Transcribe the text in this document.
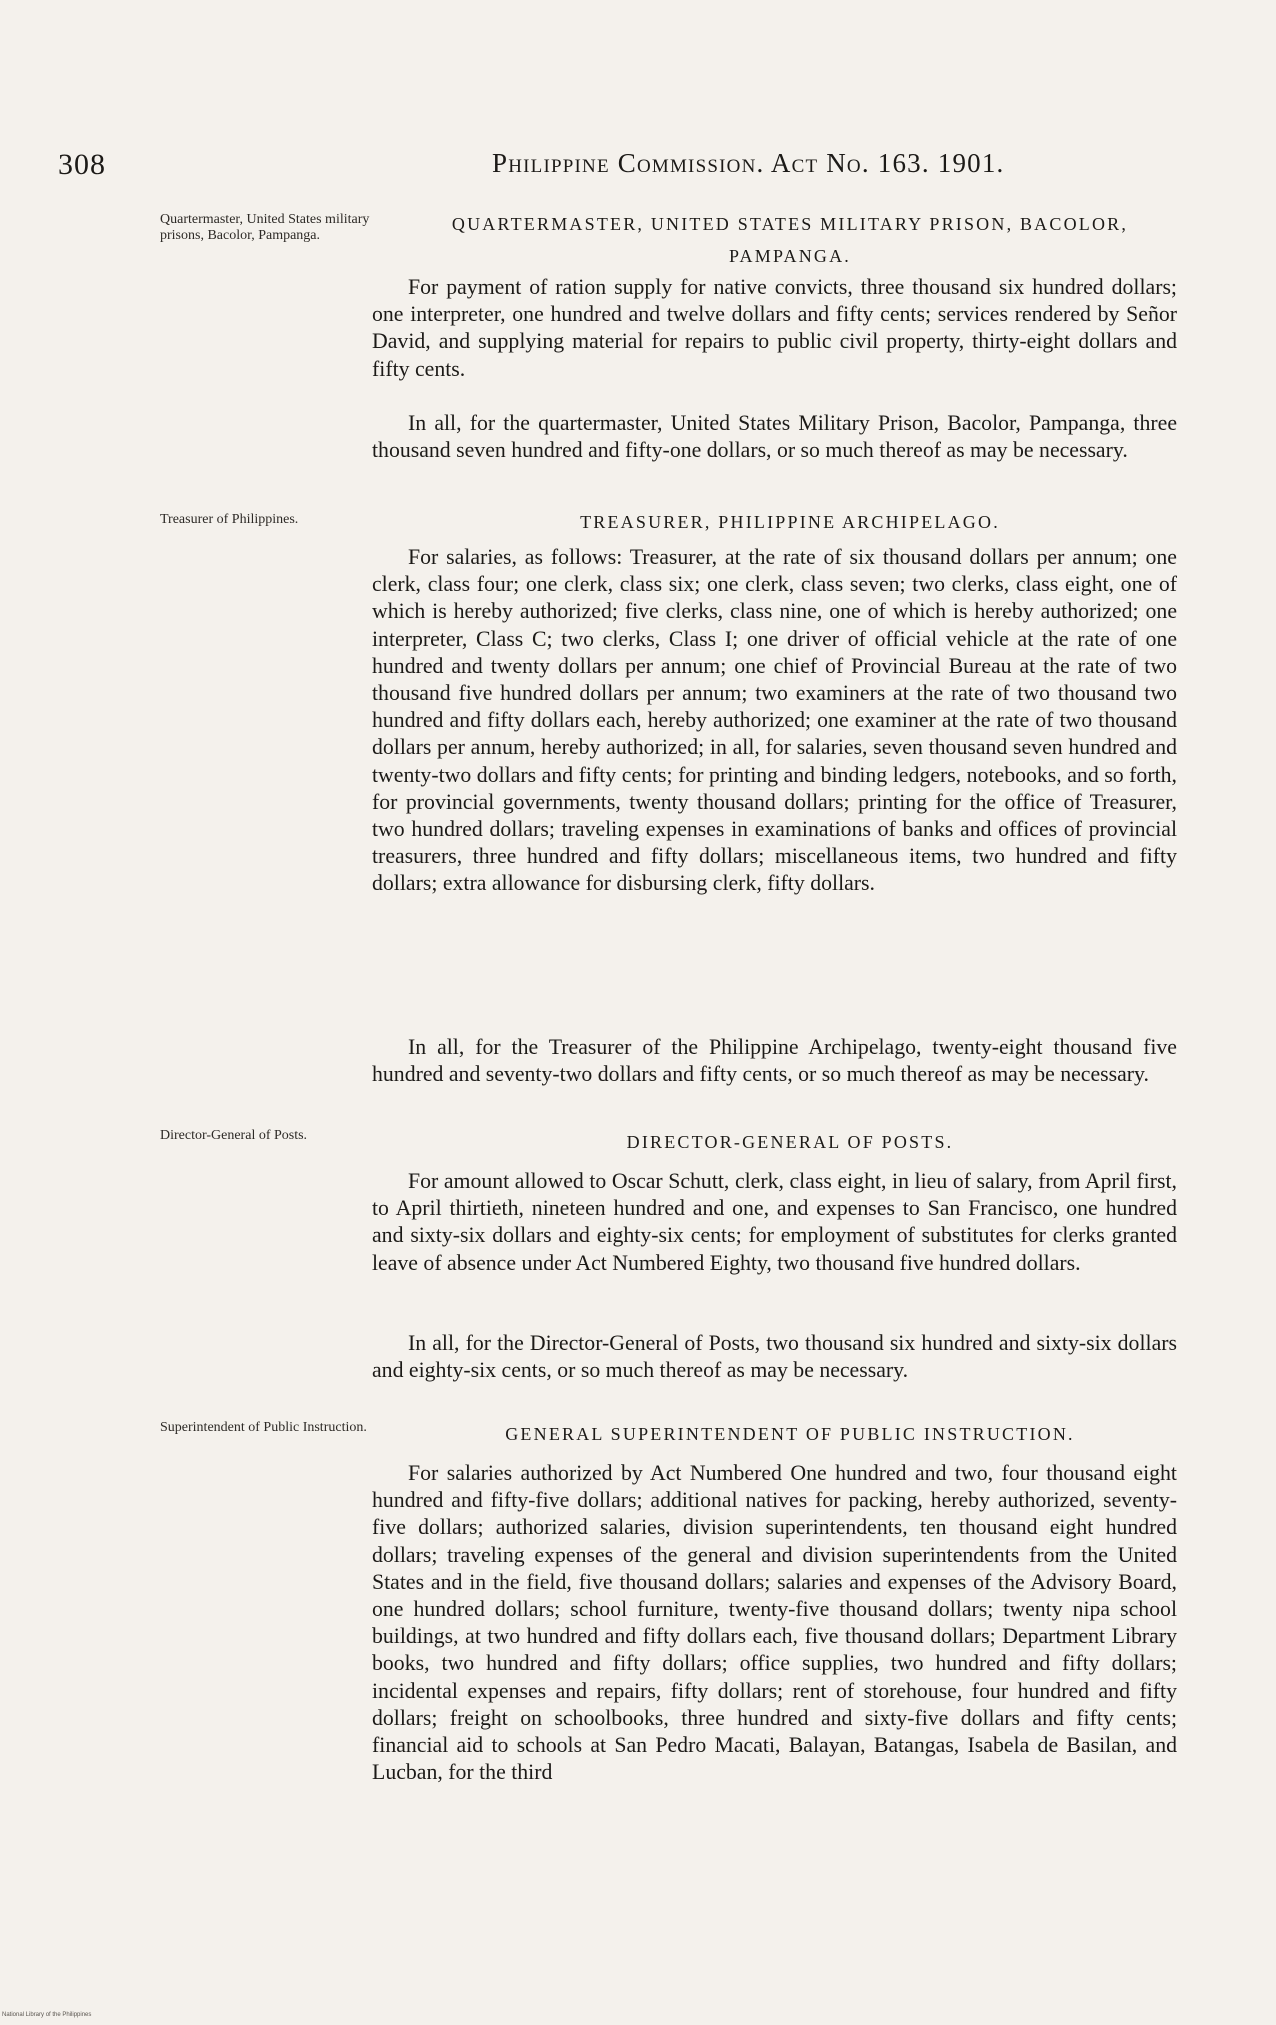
308	Philippine Commission. Act No. 163. 1901.
Quartermaster, United States military prisons, Bacolor, Pampanga.
QUARTERMASTER, UNITED STATES MILITARY PRISON, BACOLOR, PAMPANGA.

For payment of ration supply for native convicts, three thousand six hundred dollars; one interpreter, one hundred and twelve dollars and fifty cents; services rendered by Señor David, and supplying material for repairs to public civil property, thirty-eight dollars and fifty cents.

In all, for the quartermaster, United States Military Prison, Bacolor, Pampanga, three thousand seven hundred and fifty-one dollars, or so much thereof as may be necessary.

Treasurer of Philippines.	TREASURER, PHILIPPINE ARCHIPELAGO.

For salaries, as follows: Treasurer, at the rate of six thousand dollars per annum; one clerk, class four; one clerk, class six; one clerk, class seven; two clerks, class eight, one of which is hereby authorized; five clerks, class nine, one of which is hereby authorized; one interpreter, Class C; two clerks, Class I; one driver of official vehicle at the rate of one hundred and twenty dollars per annum; one chief of Provincial Bureau at the rate of two thousand five hundred dollars per annum; two examiners at the rate of two thousand two hundred and fifty dollars each, hereby authorized; one examiner at the rate of two thousand dollars per annum, hereby authorized; in all, for salaries, seven thousand seven hundred and twenty-two dollars and fifty cents; for printing and binding ledgers, notebooks, and so forth, for provincial governments, twenty thousand dollars; printing for the office of Treasurer, two hundred dollars; traveling expenses in examinations of banks and offices of provincial treasurers, three hundred and fifty dollars; miscellaneous items, two hundred and fifty dollars; extra allowance for disbursing clerk, fifty dollars.

In all, for the Treasurer of the Philippine Archipelago, twenty-eight thousand five hundred and seventy-two dollars and fifty cents, or so much thereof as may be necessary.

Director-General of Posts.	DIRECTOR-GENERAL OF POSTS.

For amount allowed to Oscar Schutt, clerk, class eight, in lieu of salary, from April first, to April thirtieth, nineteen hundred and one, and expenses to San Francisco, one hundred and sixty-six dollars and eighty-six cents; for employment of substitutes for clerks granted leave of absence under Act Numbered Eighty, two thousand five hundred dollars.

In all, for the Director-General of Posts, two thousand six hundred and sixty-six dollars and eighty-six cents, or so much thereof as may be necessary.

Superintendent of Public Instruction.	GENERAL SUPERINTENDENT OF PUBLIC INSTRUCTION.

For salaries authorized by Act Numbered One hundred and two, four thousand eight hundred and fifty-five dollars; additional natives for packing, hereby authorized, seventy-five dollars; authorized salaries, division superintendents, ten thousand eight hundred dollars; traveling expenses of the general and division superintendents from the United States and in the field, five thousand dollars; salaries and expenses of the Advisory Board, one hundred dollars; school furniture, twenty-five thousand dollars; twenty nipa school buildings, at two hundred and fifty dollars each, five thousand dollars; Department Library books, two hundred and fifty dollars; office supplies, two hundred and fifty dollars; incidental expenses and repairs, fifty dollars; rent of storehouse, four hundred and fifty dollars; freight on schoolbooks, three hundred and sixty-five dollars and fifty cents; financial aid to schools at San Pedro Macati, Balayan, Batangas, Isabela de Basilan, and Lucban, for the third

National Library of the Philippines
